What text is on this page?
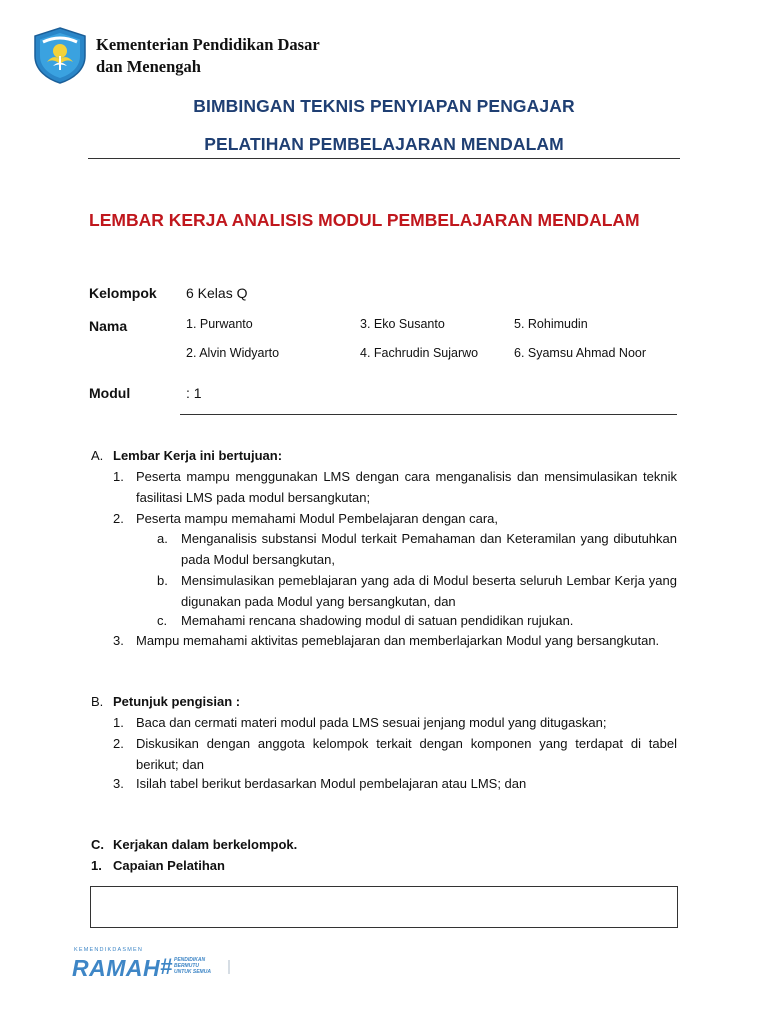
Kementerian Pendidikan Dasar
dan Menengah
BIMBINGAN TEKNIS PENYIAPAN PENGAJAR
PELATIHAN PEMBELAJARAN MENDALAM
LEMBAR KERJA ANALISIS MODUL PEMBELAJARAN MENDALAM
Kelompok 6 Kelas Q
Nama	1. Purwanto
2. Alvin Widyarto
3. Eko Susanto
4. Fachrudin Sujarwo
5. Rohimudin
6. Syamsu Ahmad Noor
Modul	: 1
A. Lembar Kerja ini bertujuan:
1. Peserta mampu menggunakan LMS dengan cara menganalisis dan mensimulasikan teknik fasilitasi LMS pada modul bersangkutan;
2. Peserta mampu memahami Modul Pembelajaran dengan cara,
a. Menganalisis substansi Modul terkait Pemahaman dan Keteramilan yang dibutuhkan pada Modul bersangkutan,
b. Mensimulasikan pemeblajaran yang ada di Modul beserta seluruh Lembar Kerja yang digunakan pada Modul yang bersangkutan, dan
c. Memahami rencana shadowing modul di satuan pendidikan rujukan.
3. Mampu memahami aktivitas pemeblajaran dan memberlajarkan Modul yang bersangkutan.
B. Petunjuk pengisian :
1. Baca dan cermati materi modul pada LMS sesuai jenjang modul yang ditugaskan;
2. Diskusikan dengan anggota kelompok terkait dengan komponen yang terdapat di tabel berikut; dan
3. Isilah tabel berikut berdasarkan Modul pembelajaran atau LMS; dan
C. Kerjakan dalam berkelompok.
1. Capaian Pelatihan
KEMENDIKDASMEN
RAMAH # PENDIDIKAN
BERMUTU
UNTUK SEMUA
